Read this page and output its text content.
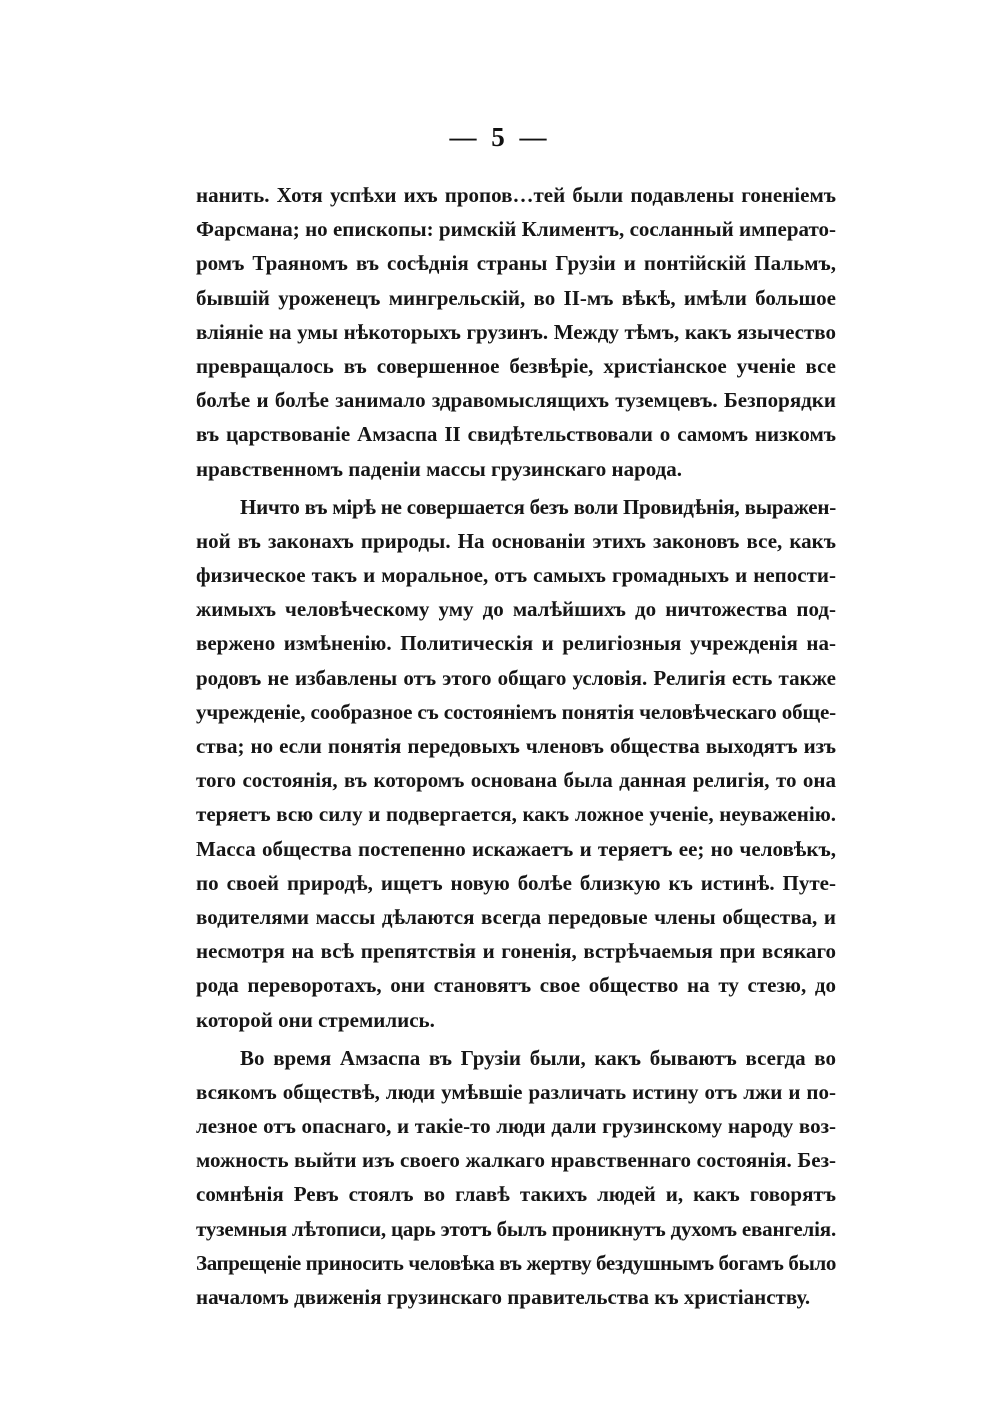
— 5 —
нанить. Хотя успѣхи ихъ пропов…тей были подавлены гоненіемъ
Фарсмана; но епископы: римскій Климентъ, сосланный императо-
ромъ Траяномъ въ сосѣднія страны Грузіи и понтійскій Пальмъ,
бывшій уроженецъ мингрельскій, во II-мъ вѣкѣ, имѣли большое
вліяніе на умы нѣкоторыхъ грузинъ. Между тѣмъ, какъ язычество
превращалось въ совершенное безвѣріе, христіанское ученіе все
болѣе и болѣе занимало здравомыслящихъ туземцевъ. Безпорядки
въ царствованіе Амзаспа II свидѣтельствовали о самомъ низкомъ
нравственномъ паденіи массы грузинскаго народа.
Ничто въ мірѣ не совершается безъ воли Провидѣнія, выражен-
ной въ законахъ природы. На основаніи этихъ законовъ все, какъ
физическое такъ и моральное, отъ самыхъ громадныхъ и непости-
жимыхъ человѣческому уму до малѣйшихъ до ничтожества под-
вержено измѣненію. Политическія и религіозныя учрежденія на-
родовъ не избавлены отъ этого общаго условія. Религія есть также
учрежденіе, сообразное съ состояніемъ понятія человѣческаго обще-
ства; но если понятія передовыхъ членовъ общества выходятъ изъ
того состоянія, въ которомъ основана была данная религія, то она
теряетъ всю силу и подвергается, какъ ложное ученіе, неуваженію.
Масса общества постепенно искажаетъ и теряетъ ее; но человѣкъ,
по своей природѣ, ищетъ новую болѣе близкую къ истинѣ. Путе-
водителями массы дѣлаются всегда передовые члены общества, и
несмотря на всѣ препятствія и гоненія, встрѣчаемыя при всякаго
рода переворотахъ, они становятъ свое общество на ту стезю, до
которой они стремились.
Во время Амзаспа въ Грузіи были, какъ бываютъ всегда во
всякомъ обществѣ, люди умѣвшіе различать истину отъ лжи и по-
лезное отъ опаснаго, и такіе-то люди дали грузинскому народу воз-
можность выйти изъ своего жалкаго нравственнаго состоянія. Без-
сомнѣнія Ревъ стоялъ во главѣ такихъ людей и, какъ говорятъ
туземныя лѣтописи, царь этотъ былъ проникнутъ духомъ евангелія.
Запрещеніе приносить человѣка въ жертву бездушнымъ богамъ было
началомъ движенія грузинскаго правительства къ христіанству.
